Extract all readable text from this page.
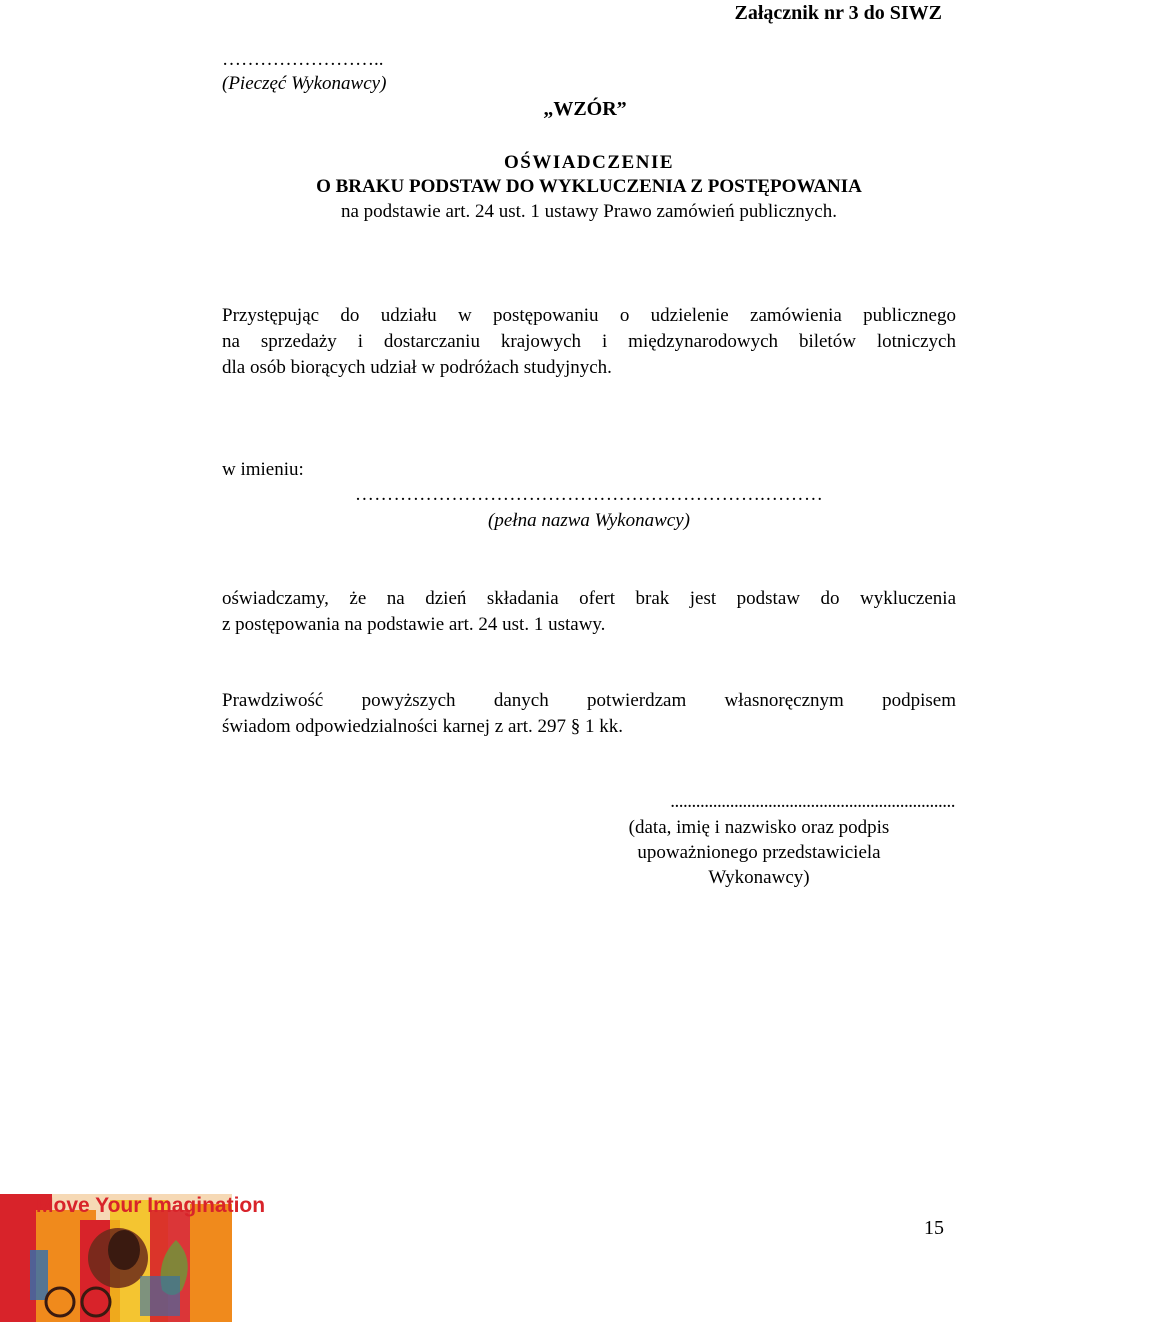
Załącznik nr 3 do SIWZ
……………………..
(Pieczęć Wykonawcy)
„WZÓR”
OŚWIADCZENIE
O BRAKU PODSTAW DO WYKLUCZENIA Z POSTĘPOWANIA
na podstawie art. 24 ust. 1 ustawy Prawo zamówień publicznych.
Przystępując do udziału w postępowaniu o udzielenie zamówienia publicznego
na sprzedaży i dostarczaniu krajowych i międzynarodowych biletów lotniczych
dla osób biorących udział w podróżach studyjnych.
w imieniu:
……………………………………………………….………
(pełna nazwa Wykonawcy)
oświadczamy, że na dzień składania ofert brak jest podstaw do wykluczenia
z postępowania na podstawie art. 24 ust. 1 ustawy.
Prawdziwość powyższych danych potwierdzam własnoręcznym podpisem
świadom odpowiedzialności karnej z art. 297 § 1 kk.
...................................................................
(data, imię i nazwisko oraz podpis
upoważnionego przedstawiciela
Wykonawcy)
Move Your Imagination
15
